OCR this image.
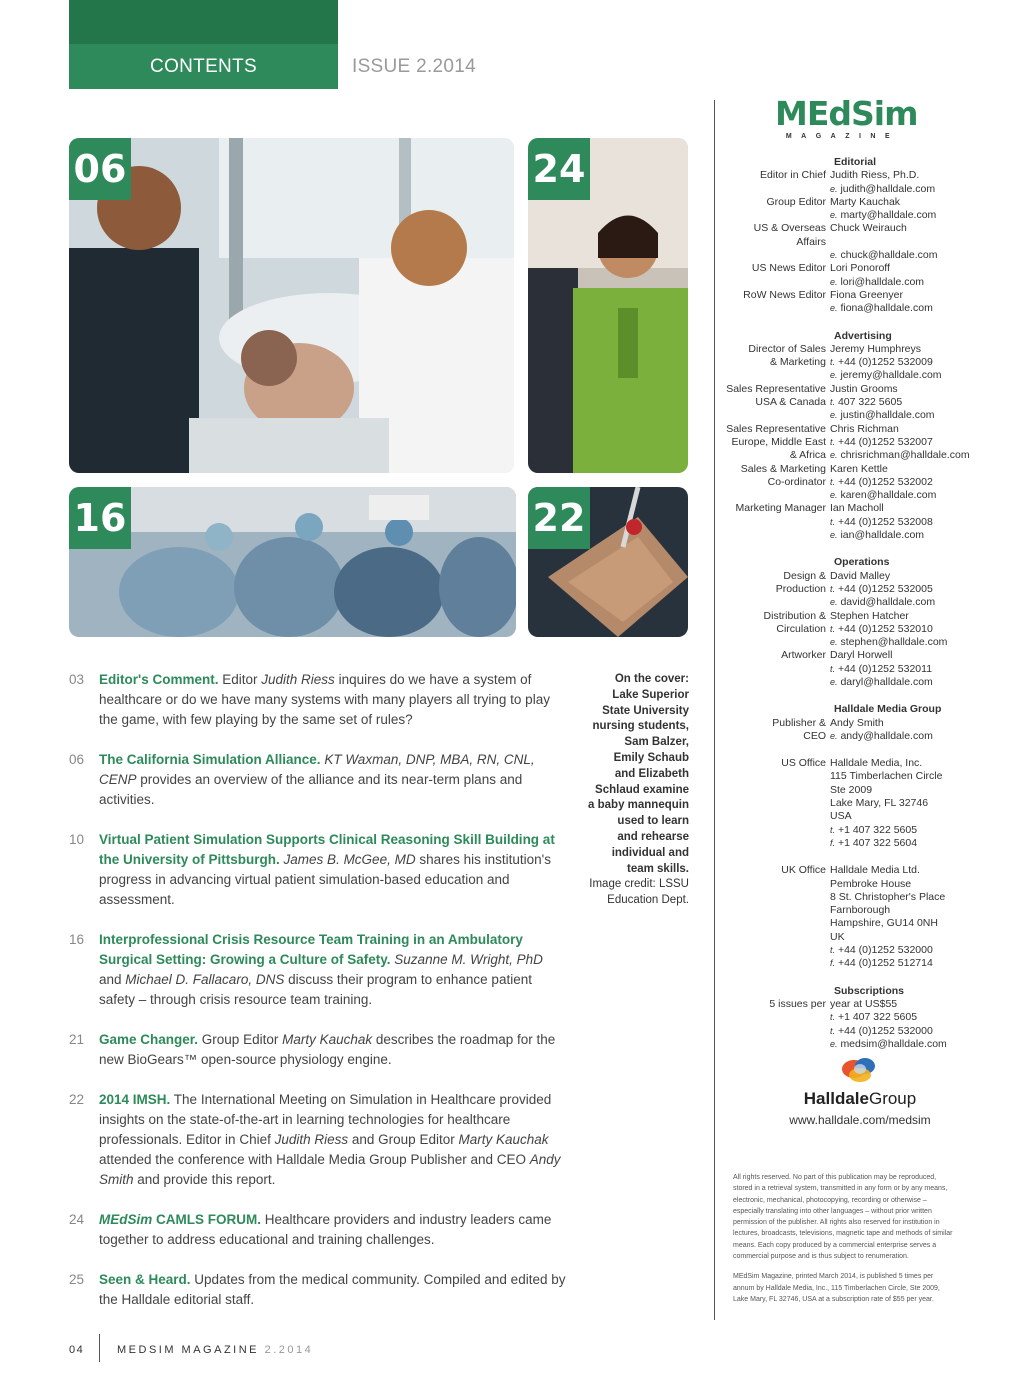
CONTENTS	ISSUE 2.2014
06	24
16	22
03 Editor's Comment. Editor Judith Riess inquires do we have a system of healthcare or do we have many systems with many players all trying to play the game, with few playing by the same set of rules?
06 The California Simulation Alliance. KT Waxman, DNP, MBA, RN, CNL, CENP provides an overview of the alliance and its near-term plans and activities.
10 Virtual Patient Simulation Supports Clinical Reasoning Skill Building at the University of Pittsburgh. James B. McGee, MD shares his institution's progress in advancing virtual patient simulation-based education and assessment.
16 Interprofessional Crisis Resource Team Training in an Ambulatory Surgical Setting: Growing a Culture of Safety. Suzanne M. Wright, PhD and Michael D. Fallacaro, DNS discuss their program to enhance patient safety – through crisis resource team training.
21 Game Changer. Group Editor Marty Kauchak describes the roadmap for the new BioGears™ open-source physiology engine.
22 2014 IMSH. The International Meeting on Simulation in Healthcare provided insights on the state-of-the-art in learning technologies for healthcare professionals. Editor in Chief Judith Riess and Group Editor Marty Kauchak attended the conference with Halldale Media Group Publisher and CEO Andy Smith and provide this report.
24 MEdSim CAMLS FORUM. Healthcare providers and industry leaders came together to address educational and training challenges.
25 Seen & Heard. Updates from the medical community. Compiled and edited by the Halldale editorial staff.
On the cover:
Lake Superior
State University
nursing students,
Sam Balzer,
Emily Schaub
and Elizabeth
Schlaud examine
a baby mannequin
used to learn
and rehearse
individual and
team skills.
Image credit: LSSU
Education Dept.
MEdSim
MAGAZINE
Editorial
Editor in Chief Judith Riess, Ph.D.
e. judith@halldale.com
Group Editor Marty Kauchak
e. marty@halldale.com
US & Overseas Affairs
Chuck Weirauch
e. chuck@halldale.com
US News Editor Lori Ponoroff
e. lori@halldale.com
RoW News Editor Fiona Greenyer
e. fiona@halldale.com
Advertising
Director of Sales Jeremy Humphreys
& Marketing t. +44 (0)1252 532009
e. jeremy@halldale.com
Sales Representative Justin Grooms
USA & Canada t. 407 322 5605
e. justin@halldale.com
Sales Representative Chris Richman
Europe, Middle East t. +44 (0)1252 532007
& Africa e. chrisrichman@halldale.com
Sales & Marketing Karen Kettle
Co-ordinator t. +44 (0)1252 532002
e. karen@halldale.com
Marketing Manager Ian Macholl
t. +44 (0)1252 532008
e. ian@halldale.com
Operations
Design & David Malley
Production t. +44 (0)1252 532005
e. david@halldale.com
Distribution & Stephen Hatcher
Circulation t. +44 (0)1252 532010
e. stephen@halldale.com
Artworker Daryl Horwell
t. +44 (0)1252 532011
e. daryl@halldale.com
Halldale Media Group
Publisher & Andy Smith
CEO e. andy@halldale.com
US Office Halldale Media, Inc.
115 Timberlachen Circle
Ste 2009
Lake Mary, FL 32746
USA
t. +1 407 322 5605
f. +1 407 322 5604
UK Office Halldale Media Ltd.
Pembroke House
8 St. Christopher's Place
Farnborough
Hampshire, GU14 0NH
UK
t. +44 (0)1252 532000
f. +44 (0)1252 512714
Subscriptions
5 issues per year at US$55
t. +1 407 322 5605
t. +44 (0)1252 532000
e. medsim@halldale.com
HalldaleGroup
www.halldale.com/medsim

All rights reserved. No part of this publication may be reproduced, stored in a retrieval system, transmitted in any form or by any means, electronic, mechanical, photocopying, recording or otherwise – especially translating into other languages – without prior written permission of the publisher. All rights also reserved for institution in lectures, broadcasts, televisions, magnetic tape and methods of similar means. Each copy produced by a commercial enterprise serves a commercial purpose and is thus subject to renumeration.

MEdSim Magazine, printed March 2014, is published 5 times per annum by Halldale Media, Inc., 115 Timberlachen Circle, Ste 2009, Lake Mary, FL 32746, USA at a subscription rate of $55 per year.

04	MEDSIM MAGAZINE 2.2014
